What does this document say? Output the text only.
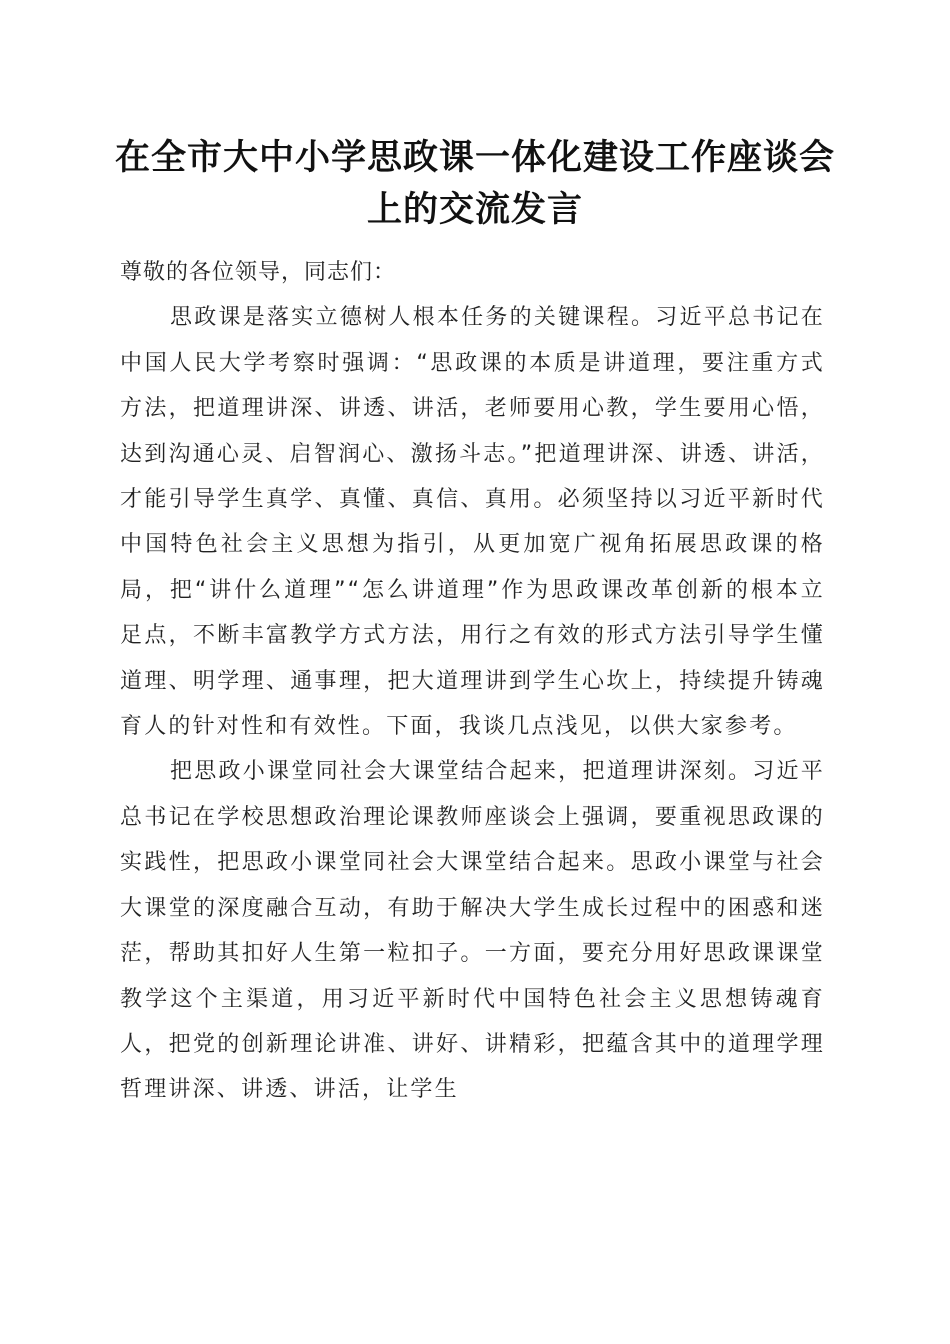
在全市大中小学思政课一体化建设工作座谈会上的交流发言

尊敬的各位领导，同志们：

思政课是落实立德树人根本任务的关键课程。习近平总书记在中国人民大学考察时强调：“思政课的本质是讲道理，要注重方式方法，把道理讲深、讲透、讲活，老师要用心教，学生要用心悟，达到沟通心灵、启智润心、激扬斗志。”把道理讲深、讲透、讲活，才能引导学生真学、真懂、真信、真用。必须坚持以习近平新时代中国特色社会主义思想为指引，从更加宽广视角拓展思政课的格局，把“讲什么道理”“怎么讲道理”作为思政课改革创新的根本立足点，不断丰富教学方式方法，用行之有效的形式方法引导学生懂道理、明学理、通事理，把大道理讲到学生心坎上，持续提升铸魂育人的针对性和有效性。下面，我谈几点浅见，以供大家参考。

把思政小课堂同社会大课堂结合起来，把道理讲深刻。习近平总书记在学校思想政治理论课教师座谈会上强调，要重视思政课的实践性，把思政小课堂同社会大课堂结合起来。思政小课堂与社会大课堂的深度融合互动，有助于解决大学生成长过程中的困惑和迷茫，帮助其扣好人生第一粒扣子。一方面，要充分用好思政课课堂教学这个主渠道，用习近平新时代中国特色社会主义思想铸魂育人，把党的创新理论讲准、讲好、讲精彩，把蕴含其中的道理学理哲理讲深、讲透、讲活，让学生
